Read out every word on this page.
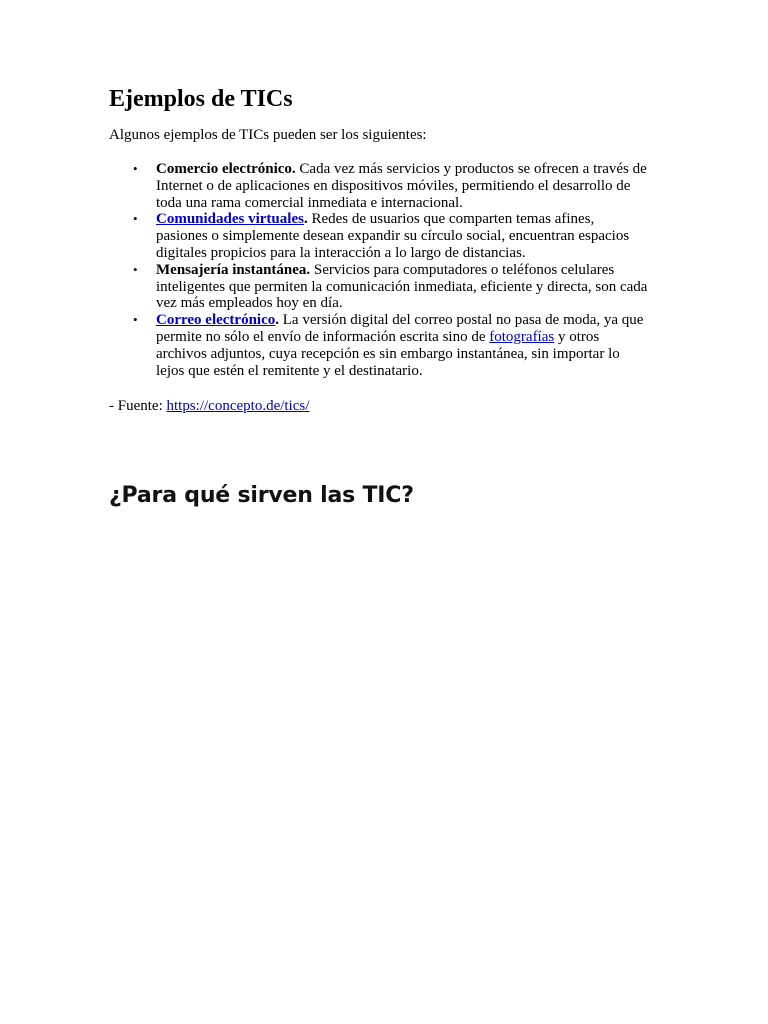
Ejemplos de TICs

Algunos ejemplos de TICs pueden ser los siguientes:

• Comercio electrónico. Cada vez más servicios y productos se ofrecen a través de Internet o de aplicaciones en dispositivos móviles, permitiendo el desarrollo de toda una rama comercial inmediata e internacional.
• Comunidades virtuales. Redes de usuarios que comparten temas afines, pasiones o simplemente desean expandir su círculo social, encuentran espacios digitales propicios para la interacción a lo largo de distancias.
• Mensajería instantánea. Servicios para computadores o teléfonos celulares inteligentes que permiten la comunicación inmediata, eficiente y directa, son cada vez más empleados hoy en día.
• Correo electrónico. La versión digital del correo postal no pasa de moda, ya que permite no sólo el envío de información escrita sino de fotografías y otros archivos adjuntos, cuya recepción es sin embargo instantánea, sin importar lo lejos que estén el remitente y el destinatario.

- Fuente: https://concepto.de/tics/

¿Para qué sirven las TIC?
